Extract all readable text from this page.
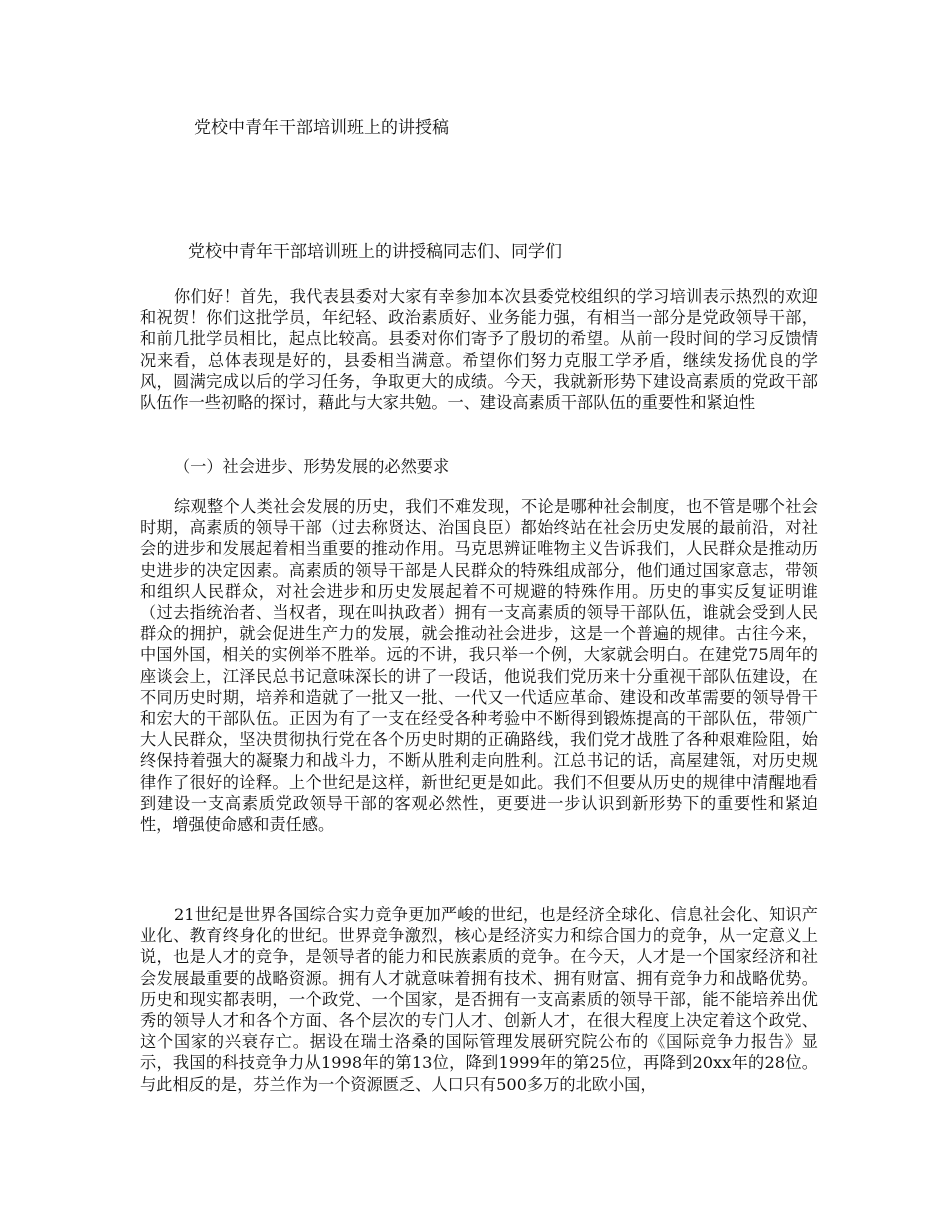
党校中青年干部培训班上的讲授稿
党校中青年干部培训班上的讲授稿同志们、同学们

你们好！首先，我代表县委对大家有幸参加本次县委党校组织的学习培训表示热烈的欢迎和祝贺！你们这批学员，年纪轻、政治素质好、业务能力强，有相当一部分是党政领导干部，和前几批学员相比，起点比较高。县委对你们寄予了殷切的希望。从前一段时间的学习反馈情况来看，总体表现是好的，县委相当满意。希望你们努力克服工学矛盾，继续发扬优良的学风，圆满完成以后的学习任务，争取更大的成绩。今天，我就新形势下建设高素质的党政干部队伍作一些初略的探讨，藉此与大家共勉。一、建设高素质干部队伍的重要性和紧迫性

（一）社会进步、形势发展的必然要求

综观整个人类社会发展的历史，我们不难发现，不论是哪种社会制度，也不管是哪个社会时期，高素质的领导干部（过去称贤达、治国良臣）都始终站在社会历史发展的最前沿，对社会的进步和发展起着相当重要的推动作用。马克思辨证唯物主义告诉我们，人民群众是推动历史进步的决定因素。高素质的领导干部是人民群众的特殊组成部分，他们通过国家意志，带领和组织人民群众，对社会进步和历史发展起着不可规避的特殊作用。历史的事实反复证明谁（过去指统治者、当权者，现在叫执政者）拥有一支高素质的领导干部队伍，谁就会受到人民群众的拥护，就会促进生产力的发展，就会推动社会进步，这是一个普遍的规律。古往今来，中国外国，相关的实例举不胜举。远的不讲，我只举一个例，大家就会明白。在建党75周年的座谈会上，江泽民总书记意味深长的讲了一段话，他说我们党历来十分重视干部队伍建设，在不同历史时期，培养和造就了一批又一批、一代又一代适应革命、建设和改革需要的领导骨干和宏大的干部队伍。正因为有了一支在经受各种考验中不断得到锻炼提高的干部队伍，带领广大人民群众，坚决贯彻执行党在各个历史时期的正确路线，我们党才战胜了各种艰难险阻，始终保持着强大的凝聚力和战斗力，不断从胜利走向胜利。江总书记的话，高屋建瓴，对历史规律作了很好的诠释。上个世纪是这样，新世纪更是如此。我们不但要从历史的规律中清醒地看到建设一支高素质党政领导干部的客观必然性，更要进一步认识到新形势下的重要性和紧迫性，增强使命感和责任感。

21世纪是世界各国综合实力竞争更加严峻的世纪，也是经济全球化、信息社会化、知识产业化、教育终身化的世纪。世界竞争激烈，核心是经济实力和综合国力的竞争，从一定意义上说，也是人才的竞争，是领导者的能力和民族素质的竞争。在今天，人才是一个国家经济和社会发展最重要的战略资源。拥有人才就意味着拥有技术、拥有财富、拥有竞争力和战略优势。历史和现实都表明，一个政党、一个国家，是否拥有一支高素质的领导干部，能不能培养出优秀的领导人才和各个方面、各个层次的专门人才、创新人才，在很大程度上决定着这个政党、这个国家的兴衰存亡。据设在瑞士洛桑的国际管理发展研究院公布的《国际竞争力报告》显示，我国的科技竞争力从1998年的第13位，降到1999年的第25位，再降到20xx年的28位。与此相反的是，芬兰作为一个资源匮乏、人口只有500多万的北欧小国，
